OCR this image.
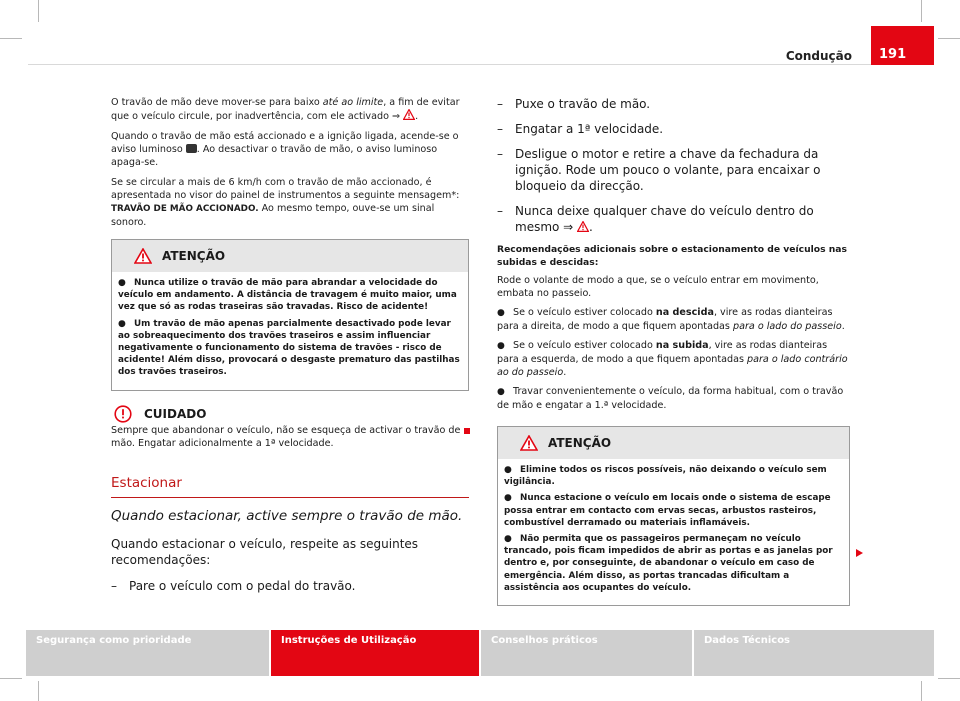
Condução 191

O travão de mão deve mover-se para baixo até ao limite, a fim de evitar que o veículo circule, por inadvertência, com ele activado ⇒ .

Quando o travão de mão está accionado e a ignição ligada, acende-se o aviso luminoso . Ao desactivar o travão de mão, o aviso luminoso apaga-se.

Se se circular a mais de 6 km/h com o travão de mão accionado, é apresentada no visor do painel de instrumentos a seguinte mensagem*: TRAVÃO DE MÃO ACCIONADO. Ao mesmo tempo, ouve-se um sinal sonoro.

ATENÇÃO

● Nunca utilize o travão de mão para abrandar a velocidade do veículo em andamento. A distância de travagem é muito maior, uma vez que só as rodas traseiras são travadas. Risco de acidente!

● Um travão de mão apenas parcialmente desactivado pode levar ao sobreaquecimento dos travões traseiros e assim influenciar negativamente o funcionamento do sistema de travões - risco de acidente! Além disso, provocará o desgaste prematuro das pastilhas dos travões traseiros.

CUIDADO

Sempre que abandonar o veículo, não se esqueça de activar o travão de mão. Engatar adicionalmente a 1ª velocidade.

Estacionar
Quando estacionar, active sempre o travão de mão.
Quando estacionar o veículo, respeite as seguintes recomendações:
–	Pare o veículo com o pedal do travão.
–	Puxe o travão de mão.
–	Engatar a 1ª velocidade.
–	Desligue o motor e retire a chave da fechadura da ignição. Rode um pouco o volante, para encaixar o bloqueio da direcção.
–	Nunca deixe qualquer chave do veículo dentro do mesmo ⇒ .
Recomendações adicionais sobre o estacionamento de veículos nas subidas e descidas:

Rode o volante de modo a que, se o veículo entrar em movimento, embata no passeio.

● Se o veículo estiver colocado na descida, vire as rodas dianteiras para a direita, de modo a que fiquem apontadas para o lado do passeio.

● Se o veículo estiver colocado na subida, vire as rodas dianteiras para a esquerda, de modo a que fiquem apontadas para o lado contrário ao do passeio.

● Travar convenientemente o veículo, da forma habitual, com o travão de mão e engatar a 1.ª velocidade.

ATENÇÃO

● Elimine todos os riscos possíveis, não deixando o veículo sem vigilância.

● Nunca estacione o veículo em locais onde o sistema de escape possa entrar em contacto com ervas secas, arbustos rasteiros, combustível derramado ou materiais inflamáveis.

● Não permita que os passageiros permaneçam no veículo trancado, pois ficam impedidos de abrir as portas e as janelas por dentro e, por conseguinte, de abandonar o veículo em caso de emergência. Além disso, as portas trancadas dificultam a assistência aos ocupantes do veículo.

Segurança como prioridade	Instruções de Utilização	Conselhos práticos	Dados Técnicos
